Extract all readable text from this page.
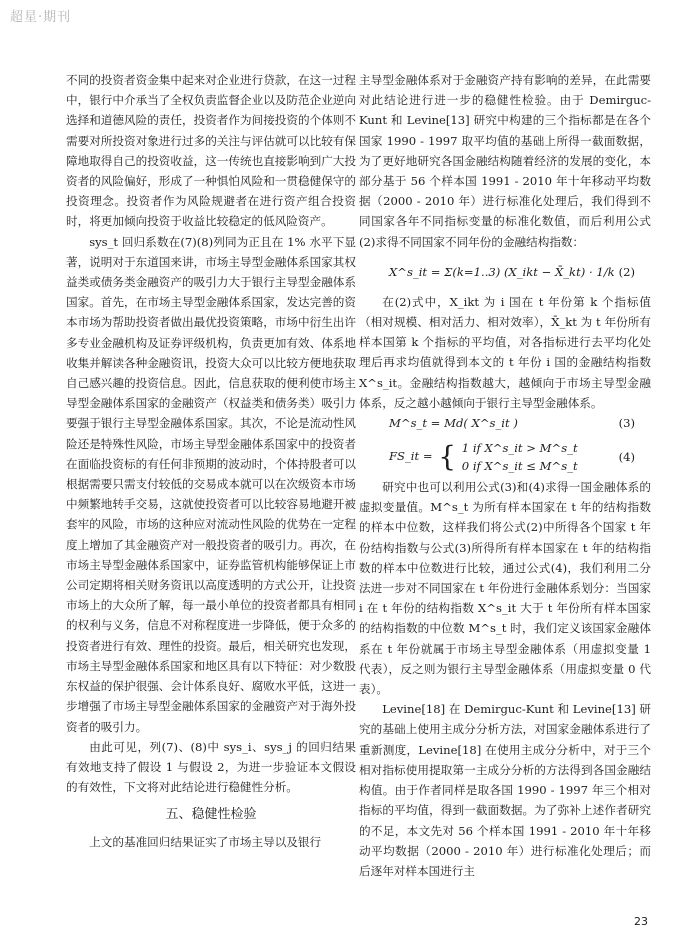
超星·期刊

不同的投资者资金集中起来对企业进行贷款，在这一过程中，银行中介承当了全权负责监督企业以及防范企业逆向选择和道德风险的责任，投资者作为间接投资的个体则不需要对所投资对象进行过多的关注与评估就可以比较有保障地取得自己的投资收益，这一传统也直接影响到广大投资者的风险偏好，形成了一种惧怕风险和一贯稳健保守的投资理念。投资者作为风险规避者在进行资产组合投资时，将更加倾向投资于收益比较稳定的低风险资产。

sys_t 回归系数在(7)(8)列同为正且在 1% 水平下显著，说明对于东道国来讲，市场主导型金融体系国家其权益类或债务类金融资产的吸引力大于银行主导型金融体系国家。首先，在市场主导型金融体系国家，发达完善的资本市场为帮助投资者做出最优投资策略，市场中衍生出许多专业金融机构及证券评级机构，负责更加有效、体系地收集并解读各种金融资讯，投资大众可以比较方便地获取自己感兴趣的投资信息。因此，信息获取的便利使市场主导型金融体系国家的金融资产（权益类和债务类）吸引力要强于银行主导型金融体系国家。其次，不论是流动性风险还是特殊性风险，市场主导型金融体系国家中的投资者在面临投资标的有任何非预期的波动时，个体持股者可以根据需要只需支付较低的交易成本就可以在次级资本市场中频繁地转手交易，这就使投资者可以比较容易地避开被套牢的风险，市场的这种应对流动性风险的优势在一定程度上增加了其金融资产对一般投资者的吸引力。再次，在市场主导型金融体系国家中，证券监管机构能够保证上市公司定期将相关财务资讯以高度透明的方式公开，让投资市场上的大众所了解，每一最小单位的投资者都具有相同的权利与义务，信息不对称程度进一步降低，便于众多的投资者进行有效、理性的投资。最后，相关研究也发现，市场主导型金融体系国家和地区具有以下特征：对少数股东权益的保护很强、会计体系良好、腐败水平低，这进一步增强了市场主导型金融体系国家的金融资产对于海外投资者的吸引力。

由此可见，列(7)、(8)中 sys_i、sys_j 的回归结果有效地支持了假设 1 与假设 2，为进一步验证本文假设的有效性，下文将对此结论进行稳健性分析。

五、稳健性检验

上文的基准回归结果证实了市场主导以及银行

主导型金融体系对于金融资产持有影响的差异，在此需要对此结论进行进一步的稳健性检验。由于 Demirguc-Kunt 和 Levine[13] 研究中构建的三个指标都是在各个国家 1990 - 1997 取平均值的基础上所得一截面数据，为了更好地研究各国金融结构随着经济的发展的变化，本部分基于 56 个样本国 1991 - 2010 年十年移动平均数据（2000 - 2010 年）进行标准化处理后，我们得到不同国家各年不同指标变量的标准化数值，而后利用公式(2)求得不同国家不同年份的金融结构指数：

X^s_it = Σ(k=1..3) (X_ikt − X̄_kt) · 1/k (2)

在(2)式中，X_ikt 为 i 国在 t 年份第 k 个指标值（相对规模、相对活力、相对效率），X̄_kt 为 t 年份所有样本国第 k 个指标的平均值，对各指标进行去平均化处理后再求均值就得到本文的 t 年份 i 国的金融结构指数 X^s_it。金融结构指数越大，越倾向于市场主导型金融体系，反之越小越倾向于银行主导型金融体系。

M^s_t = Md( X^s_it )	(3)
FS_it = { 1 if X^s_it > M^s_t
0 if X^s_it ≤ M^s_t
(4)

研究中也可以利用公式(3)和(4)求得一国金融体系的虚拟变量值。M^s_t 为所有样本国家在 t 年的结构指数的样本中位数，这样我们将公式(2)中所得各个国家 t 年份结构指数与公式(3)所得所有样本国家在 t 年的结构指数的样本中位数进行比较，通过公式(4)，我们利用二分法进一步对不同国家在 t 年份进行金融体系划分：当国家 i 在 t 年份的结构指数 X^s_it 大于 t 年份所有样本国家的结构指数的中位数 M^s_t 时，我们定义该国家金融体系在 t 年份就属于市场主导型金融体系（用虚拟变量 1 代表），反之则为银行主导型金融体系（用虚拟变量 0 代表）。

Levine[18] 在 Demirguc-Kunt 和 Levine[13] 研究的基础上使用主成分分析方法，对国家金融体系进行了重新测度，Levine[18] 在使用主成分分析中，对于三个相对指标使用提取第一主成分分析的方法得到各国金融结构值。由于作者同样是取各国 1990 - 1997 年三个相对指标的平均值，得到一截面数据。为了弥补上述作者研究的不足，本文先对 56 个样本国 1991 - 2010 年十年移动平均数据（2000 - 2010 年）进行标准化处理后；而后逐年对样本国进行主

23
